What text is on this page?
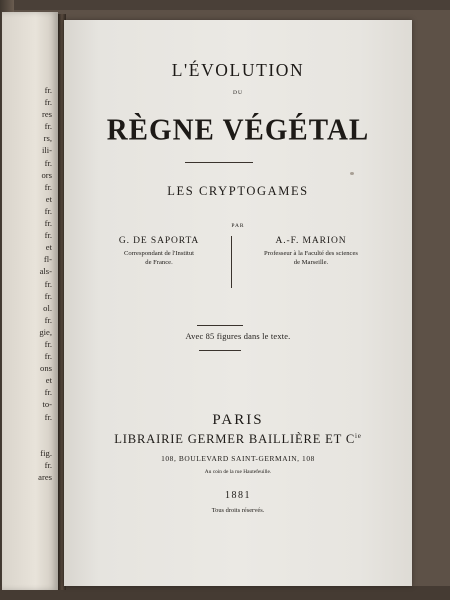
fr.
fr.
res
fr.
rs,
ili-
fr.
ors
fr.
et
fr.
fr.
fr.
et
fl-
als-
fr.
fr.
ol.
fr.
gie,
fr.
fr.
ons
et
fr.
to-
fr.
fig.
fr.
ares
L'ÉVOLUTION
DU
RÈGNE VÉGÉTAL
LES CRYPTOGAMES
PAR
G. DE SAPORTA
Correspondant de l'Institut
de France.
A.-F. MARION
Professeur à la Faculté des sciences
de Marseille.
Avec 85 figures dans le texte.
PARIS
LIBRAIRIE GERMER BAILLIÈRE ET $C^{ie}$
108, BOULEVARD SAINT-GERMAIN, 108
Au coin de la rue Hautefeuille.
1881
Tous droits réservés.
